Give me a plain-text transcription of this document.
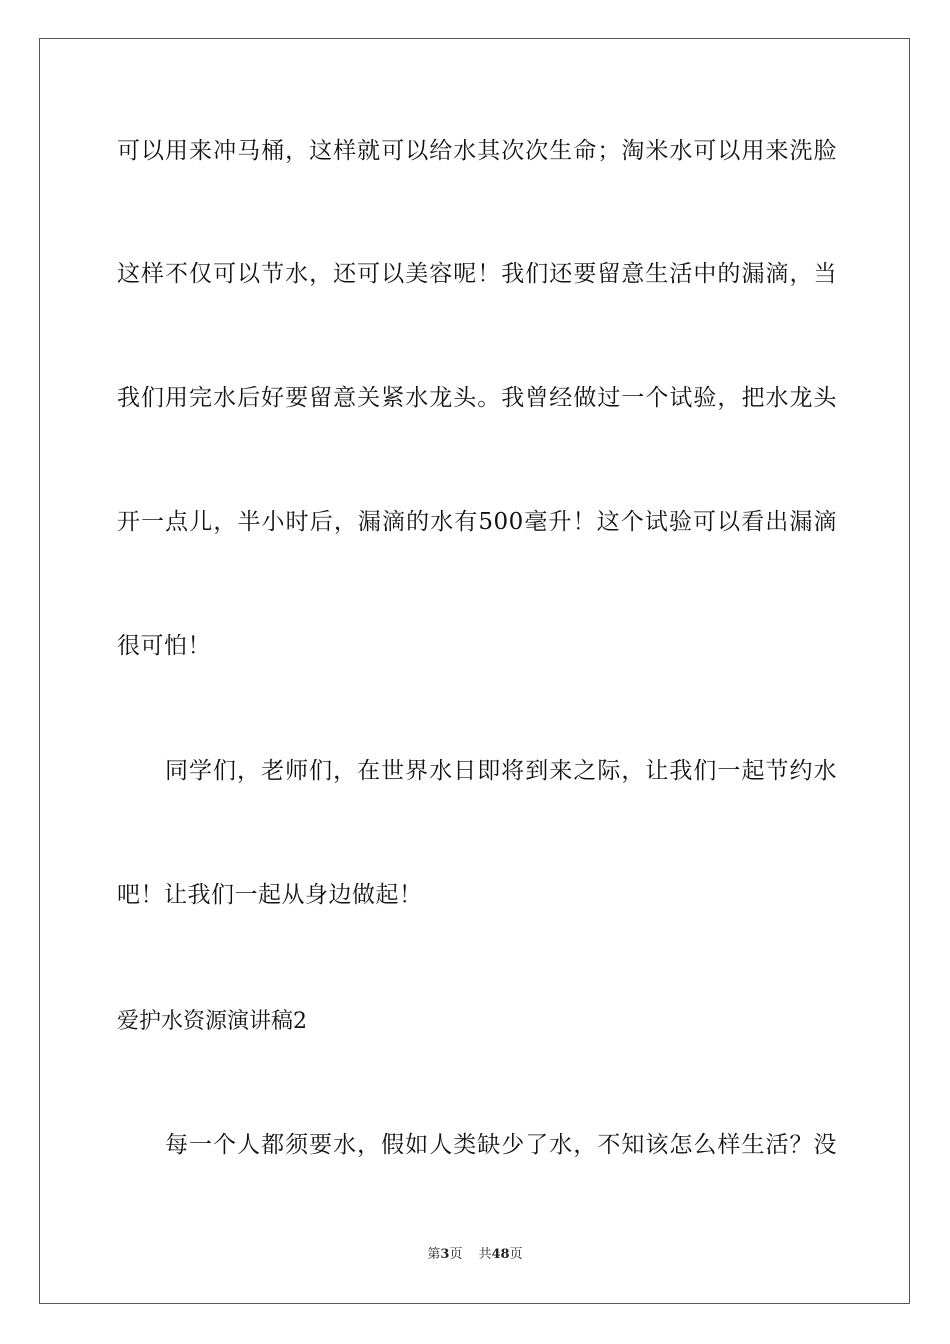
可以用来冲马桶，这样就可以给水其次次生命；淘米水可以用来洗脸
这样不仅可以节水，还可以美容呢！我们还要留意生活中的漏滴，当
我们用完水后好要留意关紧水龙头。我曾经做过一个试验，把水龙头
开一点儿，半小时后，漏滴的水有500毫升！这个试验可以看出漏滴
很可怕！
同学们，老师们，在世界水日即将到来之际，让我们一起节约水
吧！让我们一起从身边做起！
爱护水资源演讲稿2
每一个人都须要水，假如人类缺少了水，不知该怎么样生活？没
第3页 共48页
